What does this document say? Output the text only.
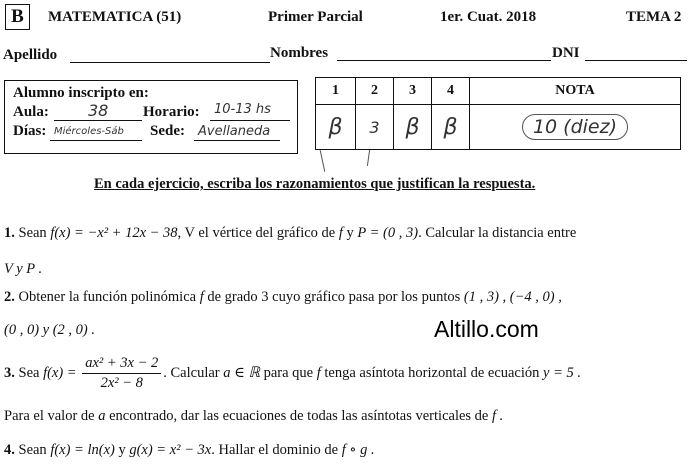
B	MATEMATICA (51)	Primer Parcial	1er. Cuat. 2018	TEMA 2
Apellido	Nombres	DNI
Alumno inscripto en:
Aula: 38 Horario: 10-13 hs
Días: Miércoles-Sáb Sede: Avellaneda
1	2	3	4	NOTA
β	3	β	β	10 (diez)
En cada ejercicio, escriba los razonamientos que justifican la respuesta.
1. Sean f(x) = −x² + 12x − 38, V el vértice del gráfico de f y P = (0 , 3). Calcular la distancia entre
V y P .
2. Obtener la función polinómica f de grado 3 cuyo gráfico pasa por los puntos (1 , 3) , (−4 , 0) ,
(0 , 0) y (2 , 0) .	Altillo.com
3. Sea $f(x) = \frac{\text{ax² + 3x − 2}}{\text{2x² − 8}}$ . Calcular a ∈ ℝ para que f tenga asíntota horizontal de ecuación y = 5 .
Para el valor de a encontrado, dar las ecuaciones de todas las asíntotas verticales de f .
4. Sean f(x) = ln(x) y g(x) = x² − 3x. Hallar el dominio de f ∘ g .
